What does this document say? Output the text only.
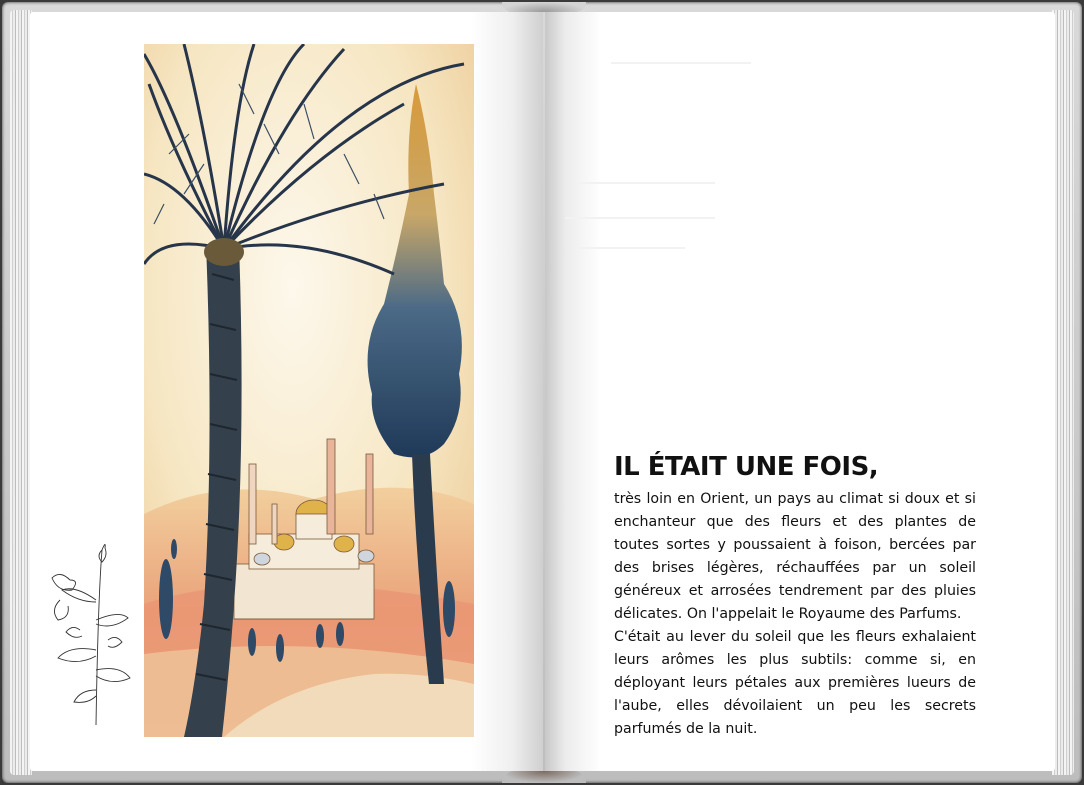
IL ÉTAIT UNE FOIS,

très loin en Orient, un pays au climat si doux et si enchanteur que des fleurs et des plantes de toutes sortes y poussaient à foison, bercées par des brises légères, réchauffées par un soleil généreux et arrosées tendrement par des pluies délicates. On l'appelait le Royaume des Parfums.

C'était au lever du soleil que les fleurs exhalaient leurs arômes les plus subtils: comme si, en déployant leurs pétales aux premières lueurs de l'aube, elles dévoilaient un peu les secrets parfumés de la nuit.
